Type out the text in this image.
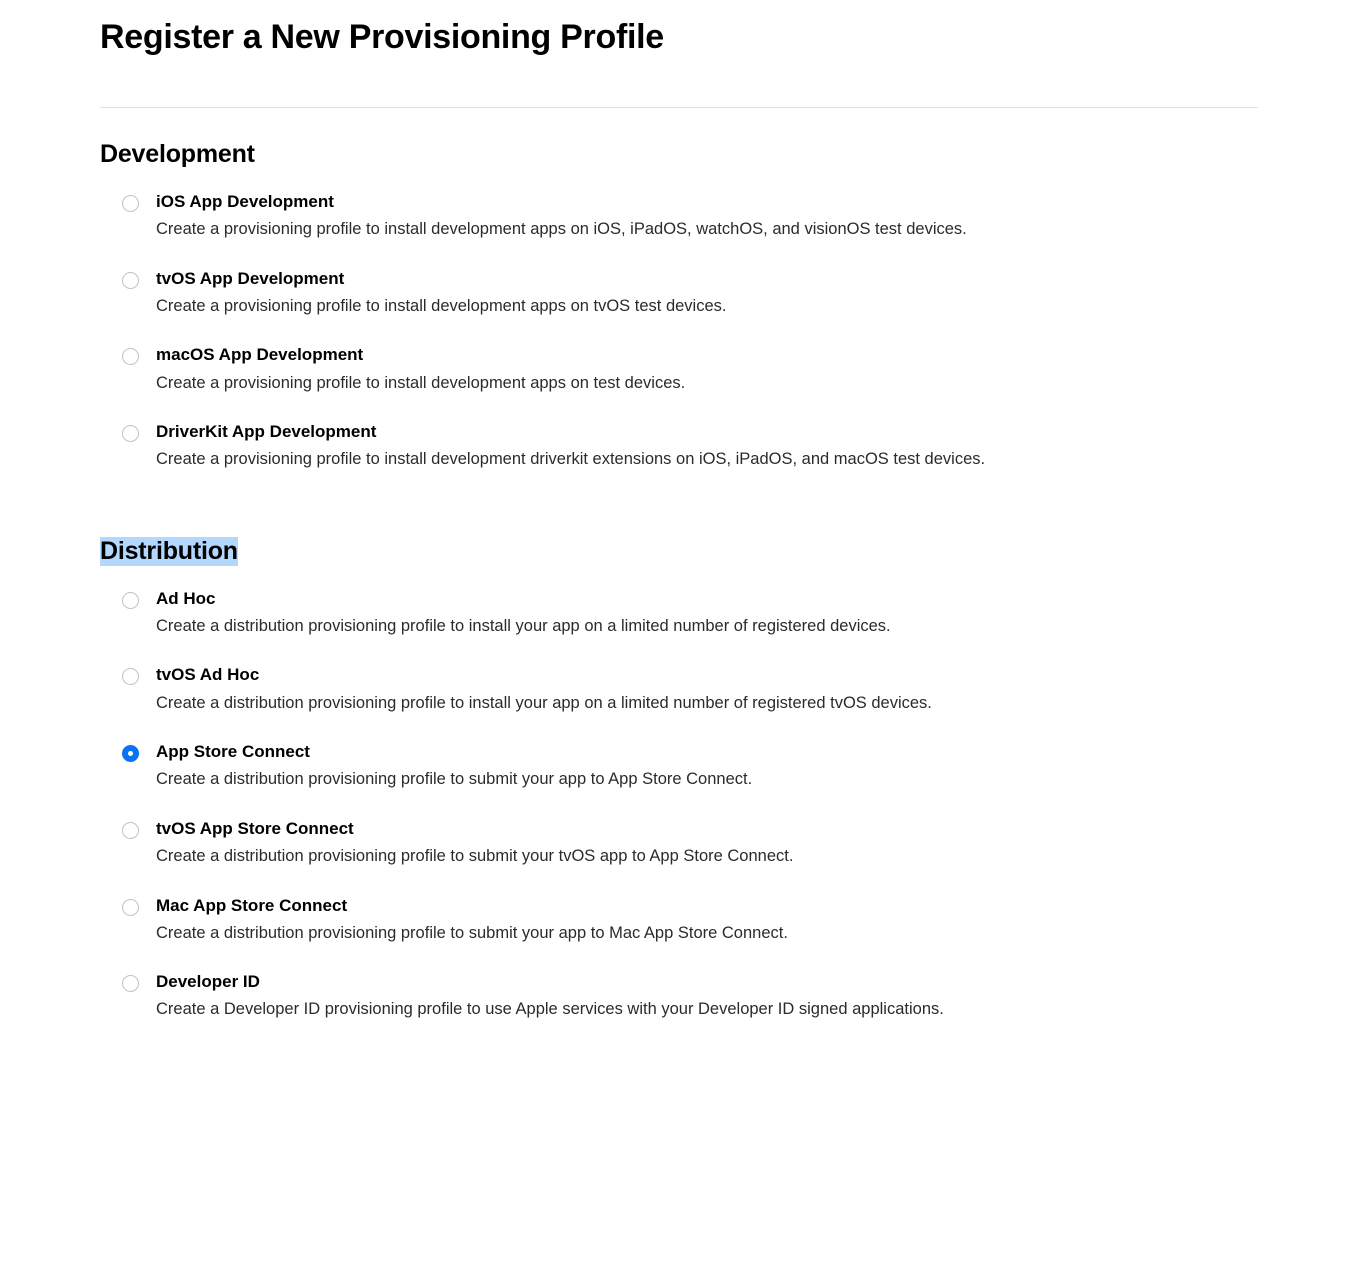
Register a New Provisioning Profile
Development
iOS App Development
Create a provisioning profile to install development apps on iOS, iPadOS, watchOS, and visionOS test devices.
tvOS App Development
Create a provisioning profile to install development apps on tvOS test devices.
macOS App Development
Create a provisioning profile to install development apps on test devices.
DriverKit App Development
Create a provisioning profile to install development driverkit extensions on iOS, iPadOS, and macOS test devices.
Distribution
Ad Hoc
Create a distribution provisioning profile to install your app on a limited number of registered devices.
tvOS Ad Hoc
Create a distribution provisioning profile to install your app on a limited number of registered tvOS devices.
App Store Connect
Create a distribution provisioning profile to submit your app to App Store Connect.
tvOS App Store Connect
Create a distribution provisioning profile to submit your tvOS app to App Store Connect.
Mac App Store Connect
Create a distribution provisioning profile to submit your app to Mac App Store Connect.
Developer ID
Create a Developer ID provisioning profile to use Apple services with your Developer ID signed applications.
